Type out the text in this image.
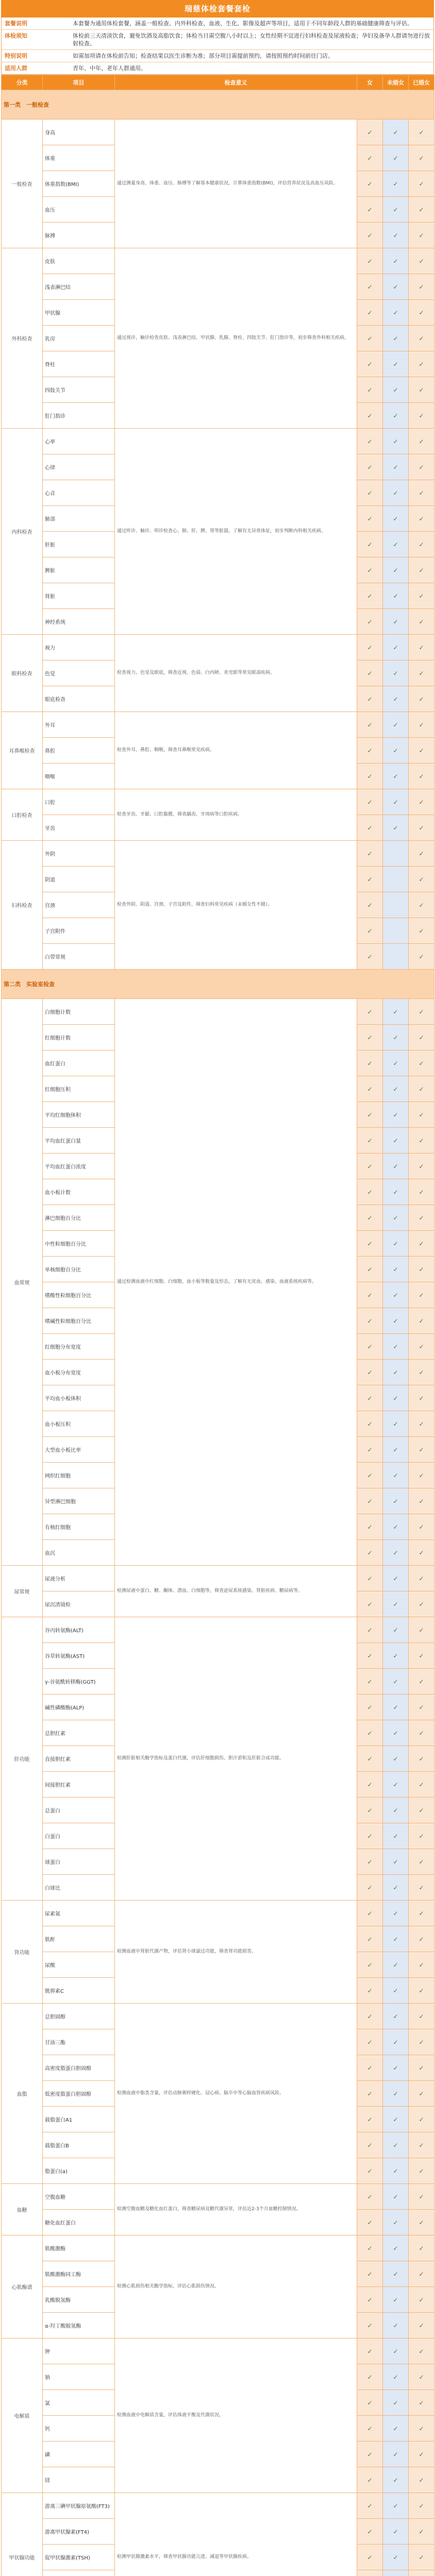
瑞慈体检套餐套检
套餐说明	本套餐为通用体检套餐，涵盖一般检查、内外科检查、血液、生化、影像及超声等项目，适用于不同年龄段人群的基础健康筛查与评估。
体检须知	体检前三天清淡饮食，避免饮酒及高脂饮食；体检当日需空腹八小时以上；女性经期不宜进行妇科检查及尿液检查；孕妇及备孕人群请勿进行放射检查。
特别说明	如需加项请在体检前告知；检查结果以医生诊断为准；部分项目需提前预约，请按照预约时间前往门店。
适用人群	青年、中年、老年人群通用。
分类	项目	检查意义	女	未婚女	已婚女
第一类　一般检查					
一般检查	身高	通过测量身高、体重、血压、脉搏等了解基本健康状况，计算体重指数(BMI)，评估营养状况及高血压风险。	✓	✓	✓
	体重		✓	✓	✓
	体重指数(BMI)		✓	✓	✓
	血压		✓	✓	✓
	脉搏		✓	✓	✓
外科检查	皮肤	通过视诊、触诊检查皮肤、浅表淋巴结、甲状腺、乳腺、脊柱、四肢关节、肛门指诊等，初步筛查外科相关疾病。	✓	✓	✓
	浅表淋巴结		✓	✓	✓
	甲状腺		✓	✓	✓
	乳房		✓	✓	✓
	脊柱		✓	✓	✓
	四肢关节		✓	✓	✓
	肛门指诊		✓	✓	✓
内科检查	心率	通过听诊、触诊、叩诊检查心、肺、肝、脾、肾等脏器，了解有无异常体征，初步判断内科相关疾病。	✓	✓	✓
	心律		✓	✓	✓
	心音		✓	✓	✓
	肺部		✓	✓	✓
	肝脏		✓	✓	✓
	脾脏		✓	✓	✓
	肾脏		✓	✓	✓
	神经系统		✓	✓	✓
眼科检查	视力	检查视力、色觉及眼底，筛查近视、色弱、白内障、青光眼等常见眼部疾病。	✓	✓	✓
	色觉		✓	✓	✓
	眼底检查		✓	✓	✓
耳鼻喉检查	外耳	检查外耳、鼻腔、咽喉，筛查耳鼻喉常见疾病。	✓	✓	✓
	鼻腔		✓	✓	✓
	咽喉		✓	✓	✓
口腔检查	口腔	检查牙齿、牙龈、口腔黏膜，筛查龋齿、牙周病等口腔疾病。	✓	✓	✓
	牙齿		✓	✓	✓
妇科检查	外阴	检查外阴、阴道、宫颈、子宫及附件，筛查妇科常见疾病（未婚女性不做）。	✓		✓
	阴道		✓		✓
	宫颈		✓		✓
	子宫附件		✓		✓
	白带常规		✓		✓
第二类　实验室检查					
血常规	白细胞计数	通过检测血液中红细胞、白细胞、血小板等数量及形态，了解有无贫血、感染、血液系统疾病等。	✓	✓	✓
	红细胞计数		✓	✓	✓
	血红蛋白		✓	✓	✓
	红细胞压积		✓	✓	✓
	平均红细胞体积		✓	✓	✓
	平均血红蛋白量		✓	✓	✓
	平均血红蛋白浓度		✓	✓	✓
	血小板计数		✓	✓	✓
	淋巴细胞百分比		✓	✓	✓
	中性粒细胞百分比		✓	✓	✓
	单核细胞百分比		✓	✓	✓
	嗜酸性粒细胞百分比		✓	✓	✓
	嗜碱性粒细胞百分比		✓	✓	✓
	红细胞分布宽度		✓	✓	✓
	血小板分布宽度		✓	✓	✓
	平均血小板体积		✓	✓	✓
	血小板压积		✓	✓	✓
	大型血小板比率		✓	✓	✓
	网织红细胞		✓	✓	✓
	异型淋巴细胞		✓	✓	✓
	有核红细胞		✓	✓	✓
	血沉		✓	✓	✓
尿常规	尿液分析	检测尿液中蛋白、糖、酮体、潜血、白细胞等，筛查泌尿系统感染、肾脏疾病、糖尿病等。	✓	✓	✓
	尿沉渣镜检		✓	✓	✓
肝功能	谷丙转氨酶(ALT)	检测肝脏相关酶学指标及蛋白代谢，评估肝细胞损伤、胆汁淤积及肝脏合成功能。	✓	✓	✓
	谷草转氨酶(AST)		✓	✓	✓
	γ-谷氨酰转移酶(GGT)		✓	✓	✓
	碱性磷酸酶(ALP)		✓	✓	✓
	总胆红素		✓	✓	✓
	直接胆红素		✓	✓	✓
	间接胆红素		✓	✓	✓
	总蛋白		✓	✓	✓
	白蛋白		✓	✓	✓
	球蛋白		✓	✓	✓
	白球比		✓	✓	✓
肾功能	尿素氮	检测血液中肾脏代谢产物，评估肾小球滤过功能，筛查肾功能损害。	✓	✓	✓
	肌酐		✓	✓	✓
	尿酸		✓	✓	✓
	胱抑素C		✓	✓	✓
血脂	总胆固醇	检测血液中脂类含量，评估动脉粥样硬化、冠心病、脑卒中等心脑血管疾病风险。	✓	✓	✓
	甘油三酯		✓	✓	✓
	高密度脂蛋白胆固醇		✓	✓	✓
	低密度脂蛋白胆固醇		✓	✓	✓
	载脂蛋白A1		✓	✓	✓
	载脂蛋白B		✓	✓	✓
	脂蛋白(a)		✓	✓	✓
血糖	空腹血糖	检测空腹血糖及糖化血红蛋白，筛查糖尿病及糖代谢异常，评估近2-3个月血糖控制情况。	✓	✓	✓
	糖化血红蛋白		✓	✓	✓
心肌酶谱	肌酸激酶	检测心肌损伤相关酶学指标，评估心肌损伤情况。	✓	✓	✓
	肌酸激酶同工酶		✓	✓	✓
	乳酸脱氢酶		✓	✓	✓
	α-羟丁酸脱氢酶		✓	✓	✓
电解质	钾	检测血液中电解质含量，评估体液平衡及代谢状况。	✓	✓	✓
	钠		✓	✓	✓
	氯		✓	✓	✓
	钙		✓	✓	✓
	磷		✓	✓	✓
	镁		✓	✓	✓
甲状腺功能	游离三碘甲状腺原氨酸(FT3)	检测甲状腺激素水平，筛查甲状腺功能亢进、减退等甲状腺疾病。	✓	✓	✓
	游离甲状腺素(FT4)		✓	✓	✓
	促甲状腺激素(TSH)		✓	✓	✓
